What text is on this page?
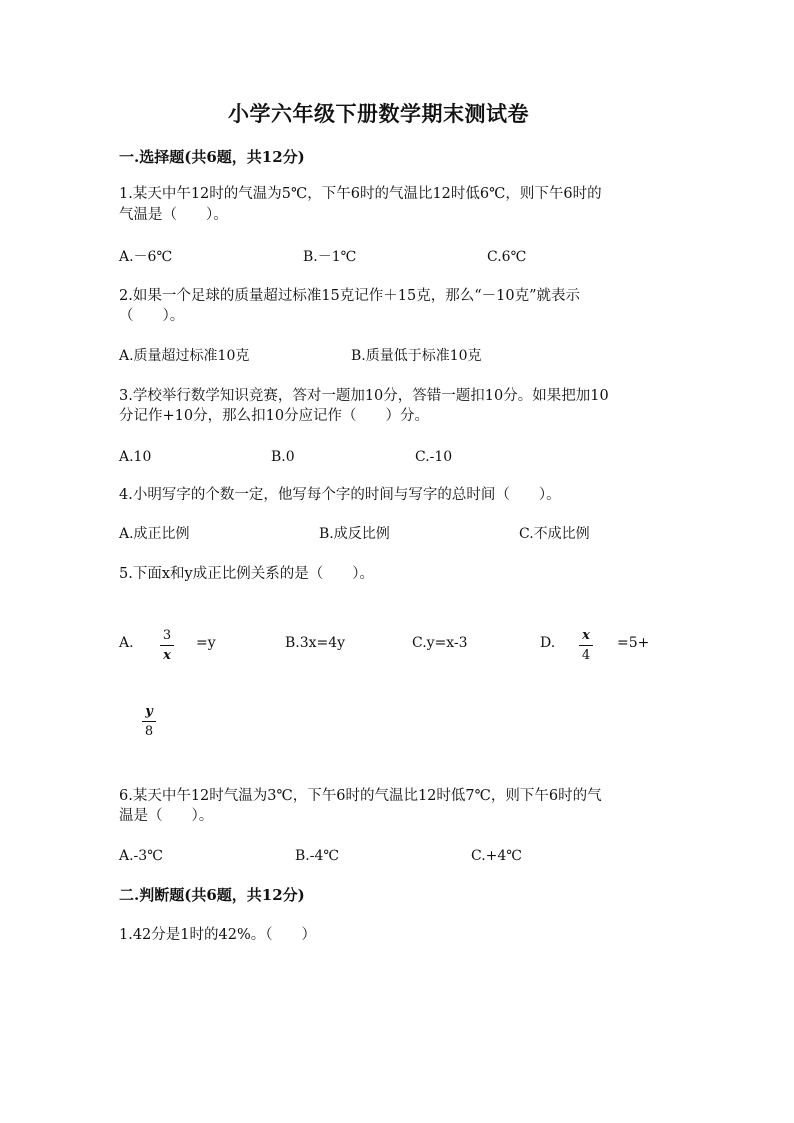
小学六年级下册数学期末测试卷
一.选择题(共6题，共12分)
1.某天中午12时的气温为5℃，下午6时的气温比12时低6℃，则下午6时的
气温是（　　）。
A.－6℃	B.－1℃	C.6℃
2.如果一个足球的质量超过标准15克记作＋15克，那么“－10克”就表示
（　　）。
A.质量超过标准10克	B.质量低于标准10克
3.学校举行数学知识竞赛，答对一题加10分，答错一题扣10分。如果把加10
分记作+10分，那么扣10分应记作（　　）分。
A.10	B.0	C.-10
4.小明写字的个数一定，他写每个字的时间与写字的总时间（　　）。
A.成正比例	B.成反比例	C.不成比例
5.下面x和y成正比例关系的是（　　）。
A. 3
x
=y	B.3x=4y	C.y=x-3	D. x
4
=5+
y
8
6.某天中午12时气温为3℃，下午6时的气温比12时低7℃，则下午6时的气
温是（　　）。
A.-3℃	B.-4℃	C.+4℃
二.判断题(共6题，共12分)
1.42分是1时的42%。（　　）
